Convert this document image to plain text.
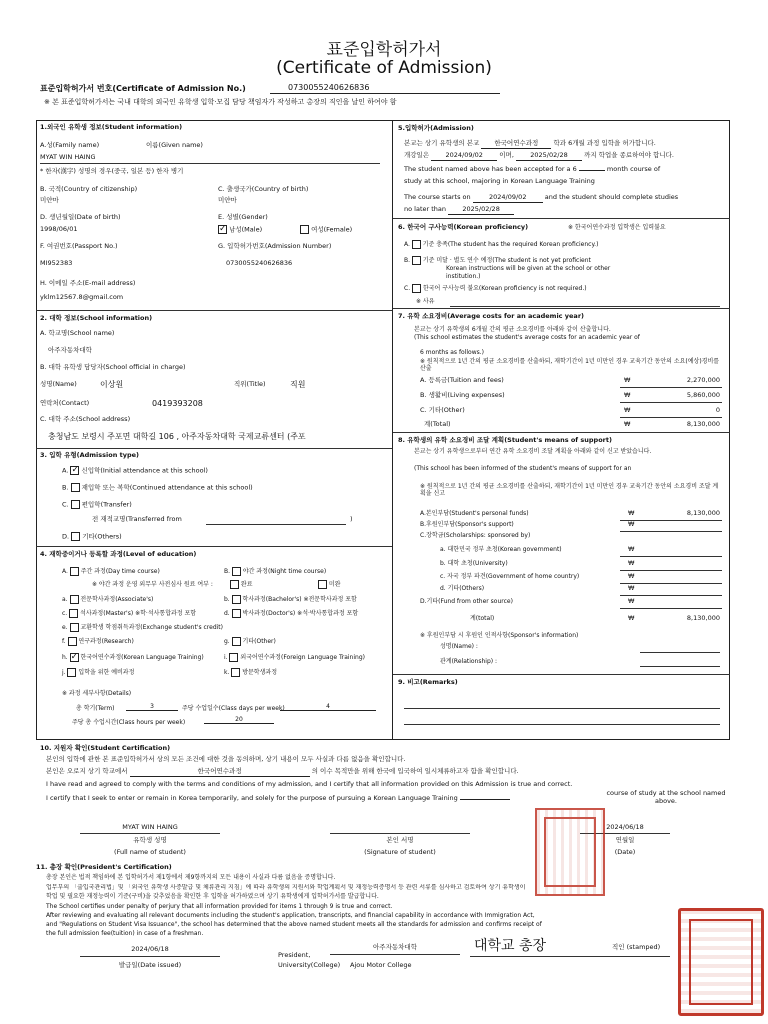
표준입학허가서
(Certificate of Admission)
표준입학허가서 번호(Certificate of Admission No.)	0730055240626836
※ 본 표준입학허가서는 국내 대학의 외국인 유학생 입학·모집 담당 책임자가 작성하고 총장의 직인을 날인 하여야 함
1.외국인 유학생 정보(Student information)
A.성(Family name)	이름(Given name)
MYAT WIN HAING
* 한자(漢字) 성명의 경우(중국, 일본 등) 한자 병기
B. 국적(Country of citizenship)
미얀마
C. 출생국가(Country of birth)
미얀마
D. 생년월일(Date of birth)
1998/06/01
E. 성별(Gender)
✓ 남성(Male)	여성(Female)
F. 여권번호(Passport No.)
MI952383
G. 입학허가번호(Admission Number)
0730055240626836
H. 이메일 주소(E-mail address)
yklm12567.8@gmail.com
2. 대학 정보(School information)
A. 학교명(School name)
아주자동차대학
B. 대학 유학생 담당자(School official in charge)
성명(Name)	이상원	직위(Title)	직원
연락처(Contact)	0419393208
C. 대학 주소(School address)
충청남도 보령시 주포면 대학길 106 , 아주자동차대학 국제교류센터 (주포
3. 입학 유형(Admission type)
A. ✓ 신입학(Initial attendance at this school)
B.  재입학 또는 복학(Continued attendance at this school)
C.  편입학(Transfer)
전 재적교명(Transferred from	)
D.  기타(Others)
4. 재학중이거나 등록할 과정(Level of education)
A.  주간 과정(Day time course)	B.  야간 과정(Night time course)
※ 야간 과정 운영 외무부 사전심사 원료 여부 :	완료	미완
a.  전문학사과정(Associate's)	b.  학사과정(Bachelor's) ※전문학사과정 포함
c.  석사과정(Master's) ※학·석사통합과정 포함	d.  박사과정(Doctor's) ※석·박사통합과정 포함
e.  교환학생 학점취득과정(Exchange student's credit)
f.  연구과정(Research)	g.  기타(Other)
h. ✓ 한국어연수과정(Korean Language Training)	i.  외국어연수과정(Foreign Language Training)
j.  입학을 위한 예비과정	k.  방문학생과정
※ 과정 세부사항(Details)
총 학기(Term)	3	주당 수업일수(Class days per week)	4
주당 총 수업시간(Class hours per week)	20
5.입학허가(Admission)
본교는 상기 유학생의 본교 한국어연수과정 학과 6개월 과정 입학을 허가합니다.
개강일은	2024/09/02	이며,	2025/02/28	까지 학업을 종료하여야 합니다.
The student named above has been accepted for a 6	month course of
study at this school, majoring in Korean Language Training
The course starts on	2024/09/02	and the student should complete studies
no later than	2025/02/28
6. 한국어 구사능력(Korean proficiency)	※ 한국어연수과정 입학생은 입력불요
A.  기준 충족(The student has the required Korean proficiency.)
B.  기준 미달 · 별도 연수 예정(The student is not yet proficient
Korean instructions will be given at the school or other
institution.)
C.  한국어 구사능력 불요(Korean proficiency is not required.)
※ 사유
7. 유학 소요경비(Average costs for an academic year)
본교는 상기 유학생의 6개월 간의 평균 소요경비를 아래와 같이 산출합니다.
(This school estimates the student's average costs for an academic year of
6 months as follows.)
※ 원칙적으로 1년 간의 평균 소요경비를 산출하되, 재학기간이 1년 미만인 경우 교육기간 동안의 소요(예상)경비를 산출
A. 등록금(Tuition and fees)	₩	2,270,000
B. 생활비(Living expenses)	₩	5,860,000
C. 기타(Other)	₩	0
계(Total)	₩	8,130,000
8. 유학생의 유학 소요경비 조달 계획(Student's means of support)
본교는 상기 유학생으로부터 연간 유학 소요경비 조달 계획을 아래와 같이 신고 받았습니다.
(This school has been informed of the student's means of support for an
※ 원칙적으로 1년 간의 평균 소요경비를 산출하되, 재학기간이 1년 미만인 경우 교육기간 동안의 소요경비 조달 계획을 신고
A.본인부담(Student's personal funds)	₩	8,130,000
B.후원인부담(Sponsor's support)	₩
C.장학금(Scholarships: sponsored by)
a. 대한민국 정부 초청(Korean government)	₩
b. 대학 초청(University)	₩
c. 자국 정부 파견(Government of home country)	₩
d. 기타(Others)	₩
D.기타(Fund from other source)	₩
계(total)	₩	8,130,000
※ 후원인부담 시 후원인 인적사항(Sponsor's information)
성명(Name) :
관계(Relationship) :
9. 비고(Remarks)
10. 지원자 확인(Student Certification)
본인의 입학에 관한 본 표준입학허가서 상의 모든 조건에 대한 것을 동의하며, 상기 내용이 모두 사실과 다름 없음을 확인합니다.
본인은 오로지 상기 학교에서	한국어연수과정	의 이수 목적만을 위해 한국에 입국하여 일시체류하고자 함을 확인합니다.
I have read and agreed to comply with the terms and conditions of my admission, and I certify that all information provided on this Admission is true and correct.
I certify that I seek to enter or remain in Korea temporarily, and solely for the purpose of pursuing a Korean Language Training
course of study at the school named above.
MYAT WIN HAING	2024/06/18
유학생 성명
(Full name of student)
본인 서명
(Signature of student)
연월일
(Date)
11. 총장 확인(President's Certification)
총장 본인은 법적 책임하에 본 입학허가서 제1항에서 제9항까지의 모든 내용이 사실과 다름 없음을 증명합니다.
업무부의 「출입국관리법」및 「외국인 유학생 사증발급 및 체류관리 지침」에 따라 유학생의 지원서와 학업계획서 및 재정능력증명서 등 관련 서류를 심사하고 검토하여 상기 유학생이
학업 및 필요한 재정능력이 기준(구비)을 갖추었음을 확인한 후 입학을 허가하였으며 상기 유학생에게 입학허가서를 발급합니다.
The School certifies under penalty of perjury that all information provided for items 1 through 9 is true and correct.
After reviewing and evaluating all relevant documents including the student's application, transcripts, and financial capability in accordance with Immigration Act,
and "Regulations on Student Visa Issuance", the school has determined that the above named student meets all the standards for admission and confirms receipt of
the full admission fee(tuition) in case of a freshman.
2024/06/18
발급일(Date issued)
President,
University(College)
아주자동차대학
Ajou Motor College
대학교 총장	직인 (stamped)
